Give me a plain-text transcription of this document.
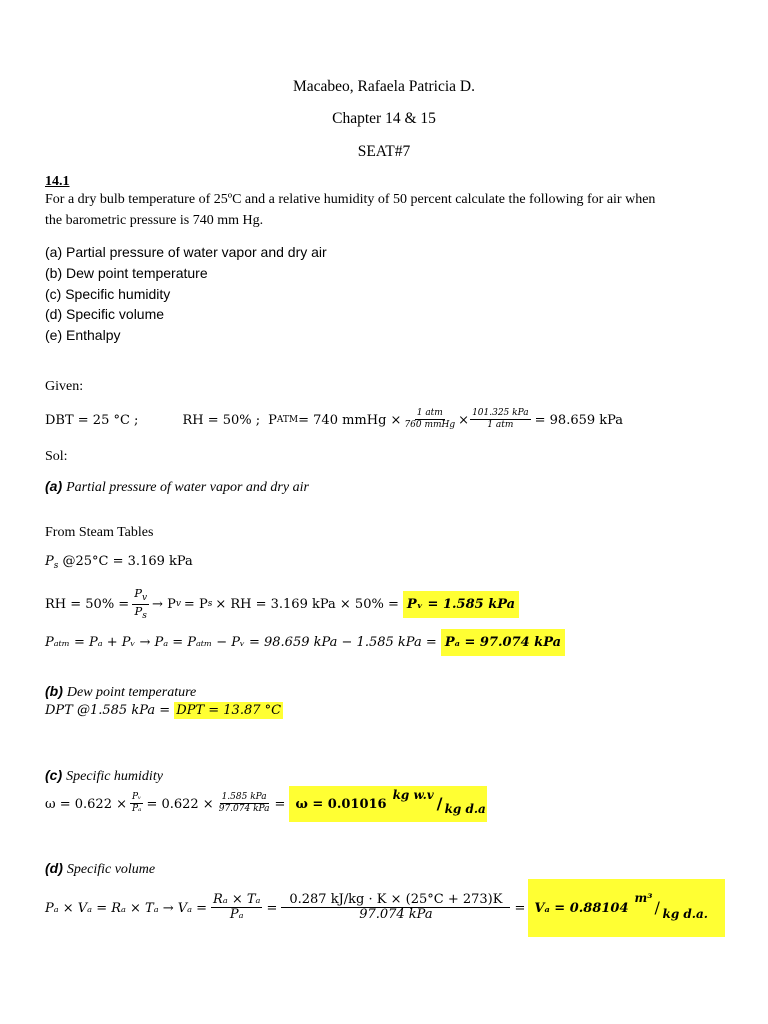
Macabeo, Rafaela Patricia D.
Chapter 14 & 15
SEAT#7
14.1
For a dry bulb temperature of 25ºC and a relative humidity of 50 percent calculate the following for air when
the barometric pressure is 740 mm Hg.
(a) Partial pressure of water vapor and dry air
(b) Dew point temperature
(c) Specific humidity
(d) Specific volume
(e) Enthalpy
Given:
DBT = 25 °C ;	RH = 50% ; P ATM = 740 mmHg × $\frac{\text{1 atm}}{\text{760 mmHg}} \times \frac{\text{101.325 kPa}}{\text{1 atm}} = 98.659$ kPa
Sol:
(a) Partial pressure of water vapor and dry air
From Steam Tables
$P_s$ @25°C = 3.169 kPa
RH = $50\% = \frac{P_v}{P_s} \to P$ v = P s × RH = 3.169 kPa × 50% = Pᵥ = 1.585 kPa
Pₐₜₘ = Pₐ + Pᵥ → Pₐ = Pₐₜₘ − Pᵥ = 98.659 kPa − 1.585 kPa = Pₐ = 97.074 kPa
(b) Dew point temperature
DPT @1.585 kPa = DPT = 13.87 °C
(c) Specific humidity
$\omega = 0.622 \times \frac{\text{Pᵥ}}{\text{Pₐ}} = 0.622 \times \frac{\text{1.585 kPa}}{\text{97.074 kPa}} = \omega = 0.01016$
kg w.v / kg d.a
(d) Specific volume
$P_a \times V_a = R_a \times T_a \to V_a = \frac{\text{Rₐ × Tₐ}}{\text{Pₐ}} = \frac{0.287 kJ/kg \cdot K \times (25^\circ C + 273)K}{\text{97.074 kPa}} = V_a = 0.88104$
m³ / kg d.a.
